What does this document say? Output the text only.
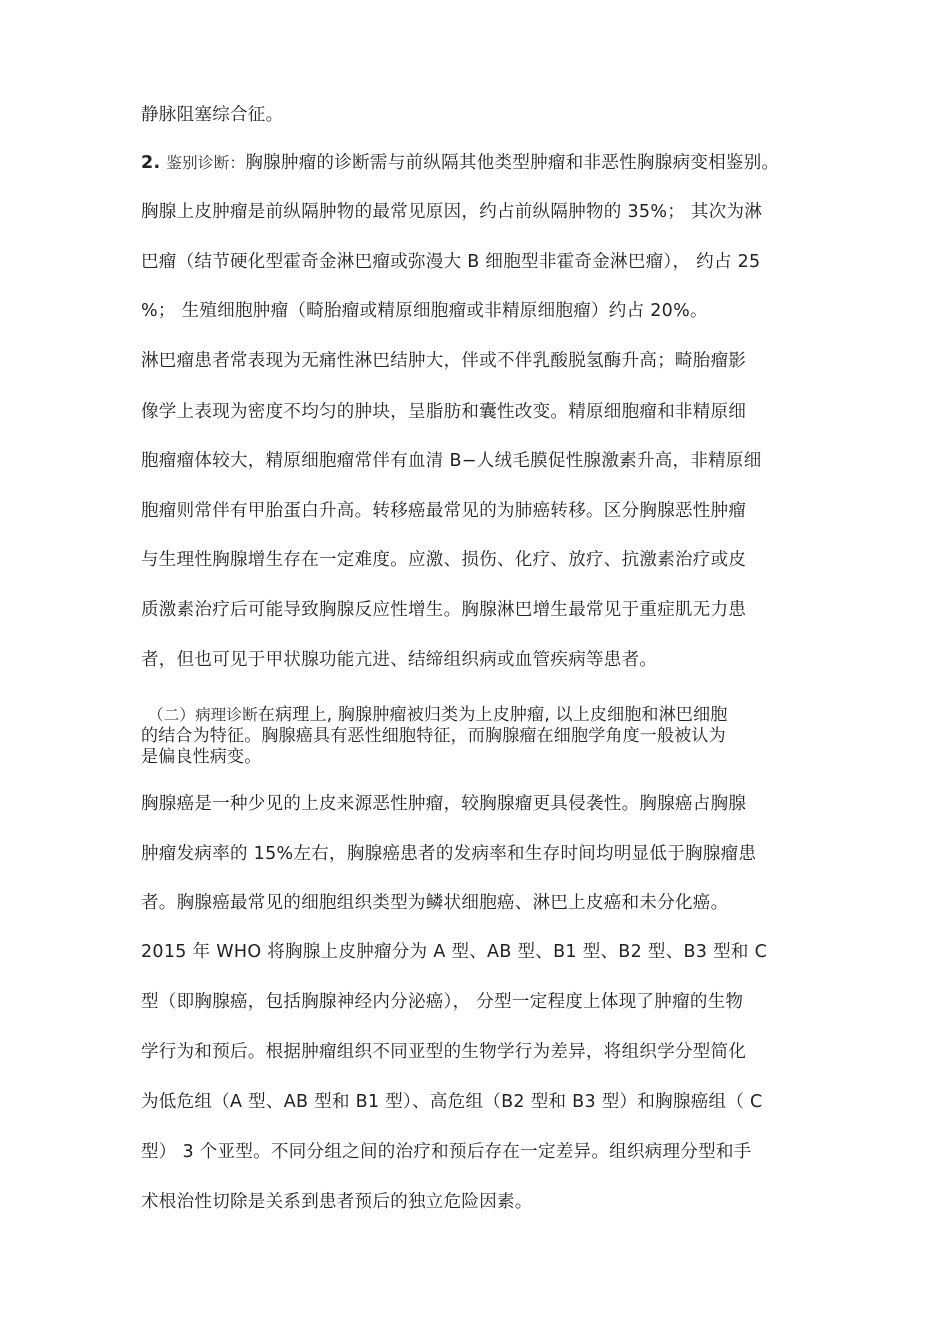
静脉阻塞综合征。
2. 鉴别诊断：胸腺肿瘤的诊断需与前纵隔其他类型肿瘤和非恶性胸腺病变相鉴别。
胸腺上皮肿瘤是前纵隔肿物的最常见原因，约占前纵隔肿物的 35%； 其次为淋
巴瘤（结节硬化型霍奇金淋巴瘤或弥漫大 B 细胞型非霍奇金淋巴瘤）， 约占 25
%； 生殖细胞肿瘤（畸胎瘤或精原细胞瘤或非精原细胞瘤）约占 20%。
淋巴瘤患者常表现为无痛性淋巴结肿大，伴或不伴乳酸脱氢酶升高；畸胎瘤影
像学上表现为密度不均匀的肿块，呈脂肪和囊性改变。精原细胞瘤和非精原细
胞瘤瘤体较大，精原细胞瘤常伴有血清 B−人绒毛膜促性腺激素升高，非精原细
胞瘤则常伴有甲胎蛋白升高。转移癌最常见的为肺癌转移。区分胸腺恶性肿瘤
与生理性胸腺增生存在一定难度。应激、损伤、化疗、放疗、抗激素治疗或皮
质激素治疗后可能导致胸腺反应性增生。胸腺淋巴增生最常见于重症肌无力患
者，但也可见于甲状腺功能亢进、结缔组织病或血管疾病等患者。
（二）病理诊断在病理上, 胸腺肿瘤被归类为上皮肿瘤, 以上皮细胞和淋巴细胞
的结合为特征。胸腺癌具有恶性细胞特征，而胸腺瘤在细胞学角度一般被认为
是偏良性病变。
胸腺癌是一种少见的上皮来源恶性肿瘤，较胸腺瘤更具侵袭性。胸腺癌占胸腺
肿瘤发病率的 15%左右，胸腺癌患者的发病率和生存时间均明显低于胸腺瘤患
者。胸腺癌最常见的细胞组织类型为鳞状细胞癌、淋巴上皮癌和未分化癌。
2015 年 WHO 将胸腺上皮肿瘤分为 A 型、AB 型、B1 型、B2 型、B3 型和 C
型（即胸腺癌，包括胸腺神经内分泌癌）， 分型一定程度上体现了肿瘤的生物
学行为和预后。根据肿瘤组织不同亚型的生物学行为差异，将组织学分型简化
为低危组（A 型、AB 型和 B1 型）、高危组（B2 型和 B3 型）和胸腺癌组（ C
型） 3 个亚型。不同分组之间的治疗和预后存在一定差异。组织病理分型和手
术根治性切除是关系到患者预后的独立危险因素。
